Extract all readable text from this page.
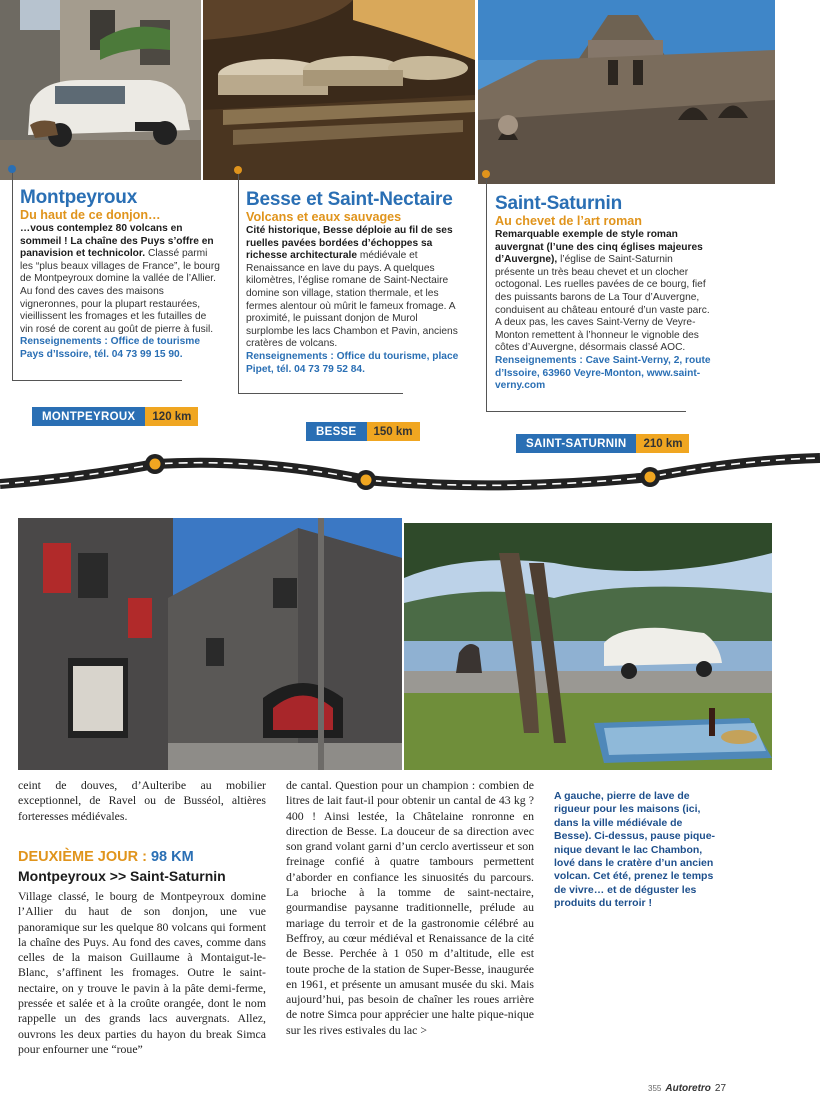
Montpeyroux
Du haut de ce donjon…
…vous contemplez 80 volcans en sommeil ! La chaîne des Puys s’offre en panavision et technicolor. Classé parmi les “plus beaux villages de France”, le bourg de Montpeyroux domine la vallée de l’Allier. Au fond des caves des maisons vigneronnes, pour la plupart restaurées, vieillissent les fromages et les futailles de vin rosé de corent au goût de pierre à fusil.
Renseignements : Office de tourisme Pays d’Issoire, tél. 04 73 99 15 90.
Besse et Saint-Nectaire
Volcans et eaux sauvages
Cité historique, Besse déploie au fil de ses ruelles pavées bordées d’échoppes sa richesse architecturale médiévale et Renaissance en lave du pays. A quelques kilomètres, l’église romane de Saint-Nectaire domine son village, station thermale, et les fermes alentour où mûrit le fameux fromage. A proximité, le puissant donjon de Murol surplombe les lacs Chambon et Pavin, anciens cratères de volcans.
Renseignements : Office du tourisme, place Pipet, tél. 04 73 79 52 84.
Saint-Saturnin
Au chevet de l’art roman
Remarquable exemple de style roman auvergnat (l’une des cinq églises majeures d’Auvergne), l’église de Saint-Saturnin présente un très beau chevet et un clocher octogonal. Les ruelles pavées de ce bourg, fief des puissants barons de La Tour d’Auvergne, conduisent au château entouré d’un vaste parc. A deux pas, les caves Saint-Verny de Veyre-Monton remettent à l’honneur le vignoble des côtes d’Auvergne, désormais classé AOC.
Renseignements : Cave Saint-Verny, 2, route d’Issoire, 63960 Veyre-Monton, www.saint-verny.com
MONTPEYROUX	120 km
BESSE	150 km
SAINT-SATURNIN	210 km

ceint de douves, d’Aulteribe au mobilier exceptionnel, de Ravel ou de Busséol, altières forteresses médiévales.

DEUXIÈME JOUR : 98 KM
Montpeyroux >> Saint-Saturnin

Village classé, le bourg de Montpeyroux domine l’Allier du haut de son donjon, une vue panoramique sur les quelque 80 volcans qui forment la chaîne des Puys. Au fond des caves, comme dans celles de la maison Guillaume à Montaigut-le-Blanc, s’affinent les fromages. Outre le saint-nectaire, on y trouve le pavin à la pâte demi-ferme, pressée et salée et à la croûte orangée, dont le nom rappelle un des grands lacs auvergnats. Allez, ouvrons les deux parties du hayon du break Simca pour enfourner une “roue”

de cantal. Question pour un champion : combien de litres de lait faut-il pour obtenir un cantal de 43 kg ? 400 ! Ainsi lestée, la Châtelaine ronronne en direction de Besse. La douceur de sa direction avec son grand volant garni d’un cerclo avertisseur et son freinage confié à quatre tambours permettent d’aborder en confiance les sinuosités du parcours. La brioche à la tomme de saint-nectaire, gourmandise paysanne traditionnelle, prélude au mariage du terroir et de la gastronomie célébré au Beffroy, au cœur médiéval et Renaissance de la cité de Besse. Perchée à 1 050 m d’altitude, elle est toute proche de la station de Super-Besse, inaugurée en 1961, et présente un amusant musée du ski. Mais aujourd’hui, pas besoin de chaîner les roues arrière de notre Simca pour apprécier une halte pique-nique sur les rives estivales du lac >

A gauche, pierre de lave de rigueur pour les maisons (ici, dans la ville médiévale de Besse). Ci-dessus, pause pique-nique devant le lac Chambon, lové dans le cratère d’un ancien volcan. Cet été, prenez le temps de vivre… et de déguster les produits du terroir !
355 Autoretro 27
